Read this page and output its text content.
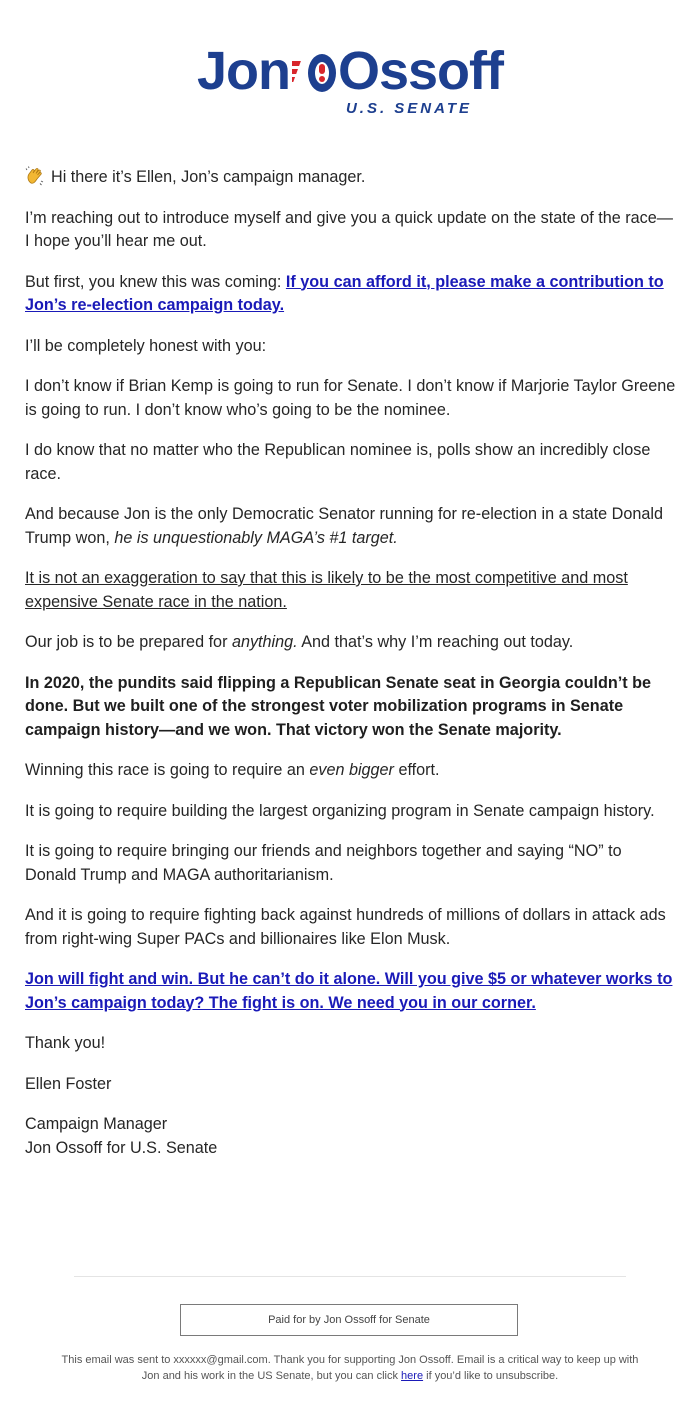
Jon Ossoff
U.S. SENATE

Hi there it’s Ellen, Jon’s campaign manager.

I’m reaching out to introduce myself and give you a quick update on the state of the race—I hope you’ll hear me out.

But first, you knew this was coming: If you can afford it, please make a contribution to Jon’s re-election campaign today.

I’ll be completely honest with you:

I don’t know if Brian Kemp is going to run for Senate. I don’t know if Marjorie Taylor Greene is going to run. I don’t know who’s going to be the nominee.

I do know that no matter who the Republican nominee is, polls show an incredibly close race.

And because Jon is the only Democratic Senator running for re-election in a state Donald Trump won, he is unquestionably MAGA’s #1 target.

It is not an exaggeration to say that this is likely to be the most competitive and most expensive Senate race in the nation.

Our job is to be prepared for anything. And that’s why I’m reaching out today.

In 2020, the pundits said flipping a Republican Senate seat in Georgia couldn’t be done. But we built one of the strongest voter mobilization programs in Senate campaign history—and we won. That victory won the Senate majority.

Winning this race is going to require an even bigger effort.

It is going to require building the largest organizing program in Senate campaign history.

It is going to require bringing our friends and neighbors together and saying “NO” to Donald Trump and MAGA authoritarianism.

And it is going to require fighting back against hundreds of millions of dollars in attack ads from right-wing Super PACs and billionaires like Elon Musk.

Jon will fight and win. But he can’t do it alone. Will you give $5 or whatever works to Jon’s campaign today? The fight is on. We need you in our corner.

Thank you!

Ellen Foster

Campaign Manager
Jon Ossoff for U.S. Senate

Paid for by Jon Ossoff for Senate
This email was sent to xxxxxx@gmail.com. Thank you for supporting Jon Ossoff. Email is a critical way to keep up with Jon and his work in the US Senate, but you can click here if you’d like to unsubscribe.
